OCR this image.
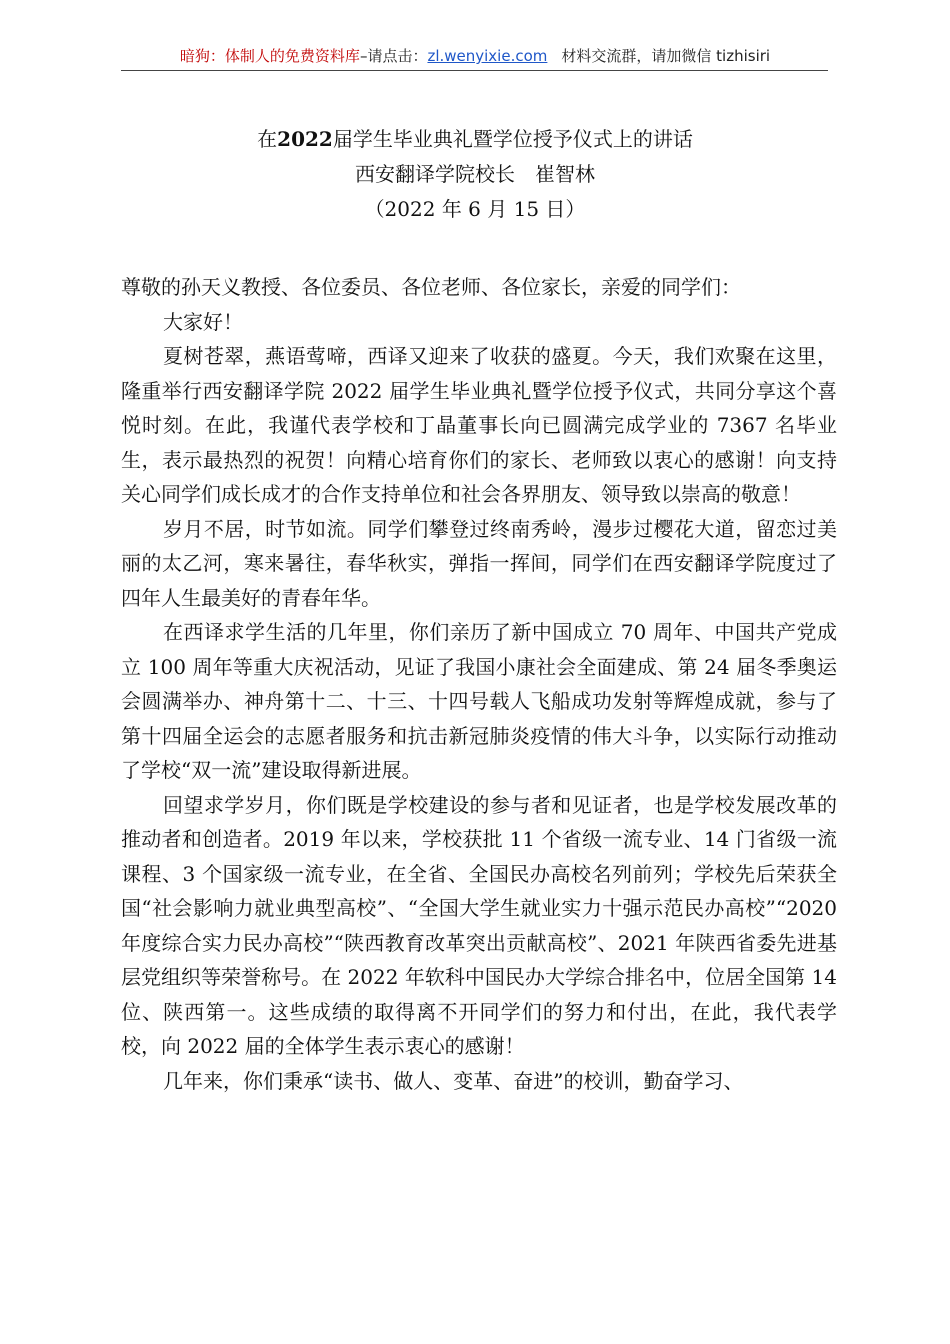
暗狗：体制人的免费资料库–请点击：zl.wenyixie.com 材料交流群，请加微信 tizhisiri
在2022届学生毕业典礼暨学位授予仪式上的讲话
西安翻译学院校长　崔智林
（2022 年 6 月 15 日）

尊敬的孙天义教授、各位委员、各位老师、各位家长，亲爱的同学们：

大家好！

夏树苍翠，燕语莺啼，西译又迎来了收获的盛夏。今天，我们欢聚在这里，隆重举行西安翻译学院 2022 届学生毕业典礼暨学位授予仪式，共同分享这个喜悦时刻。在此，我谨代表学校和丁晶董事长向已圆满完成学业的 7367 名毕业生，表示最热烈的祝贺！向精心培育你们的家长、老师致以衷心的感谢！向支持关心同学们成长成才的合作支持单位和社会各界朋友、领导致以崇高的敬意！

岁月不居，时节如流。同学们攀登过终南秀岭，漫步过樱花大道，留恋过美丽的太乙河，寒来暑往，春华秋实，弹指一挥间，同学们在西安翻译学院度过了四年人生最美好的青春年华。

在西译求学生活的几年里，你们亲历了新中国成立 70 周年、中国共产党成立 100 周年等重大庆祝活动，见证了我国小康社会全面建成、第 24 届冬季奥运会圆满举办、神舟第十二、十三、十四号载人飞船成功发射等辉煌成就，参与了第十四届全运会的志愿者服务和抗击新冠肺炎疫情的伟大斗争，以实际行动推动了学校“双一流”建设取得新进展。

回望求学岁月，你们既是学校建设的参与者和见证者，也是学校发展改革的推动者和创造者。2019 年以来，学校获批 11 个省级一流专业、14 门省级一流课程、3 个国家级一流专业，在全省、全国民办高校名列前列；学校先后荣获全国“社会影响力就业典型高校”、“全国大学生就业实力十强示范民办高校”“2020 年度综合实力民办高校”“陕西教育改革突出贡献高校”、2021 年陕西省委先进基层党组织等荣誉称号。在 2022 年软科中国民办大学综合排名中，位居全国第 14 位、陕西第一。这些成绩的取得离不开同学们的努力和付出，在此，我代表学校，向 2022 届的全体学生表示衷心的感谢！

几年来，你们秉承“读书、做人、变革、奋进”的校训，勤奋学习、
